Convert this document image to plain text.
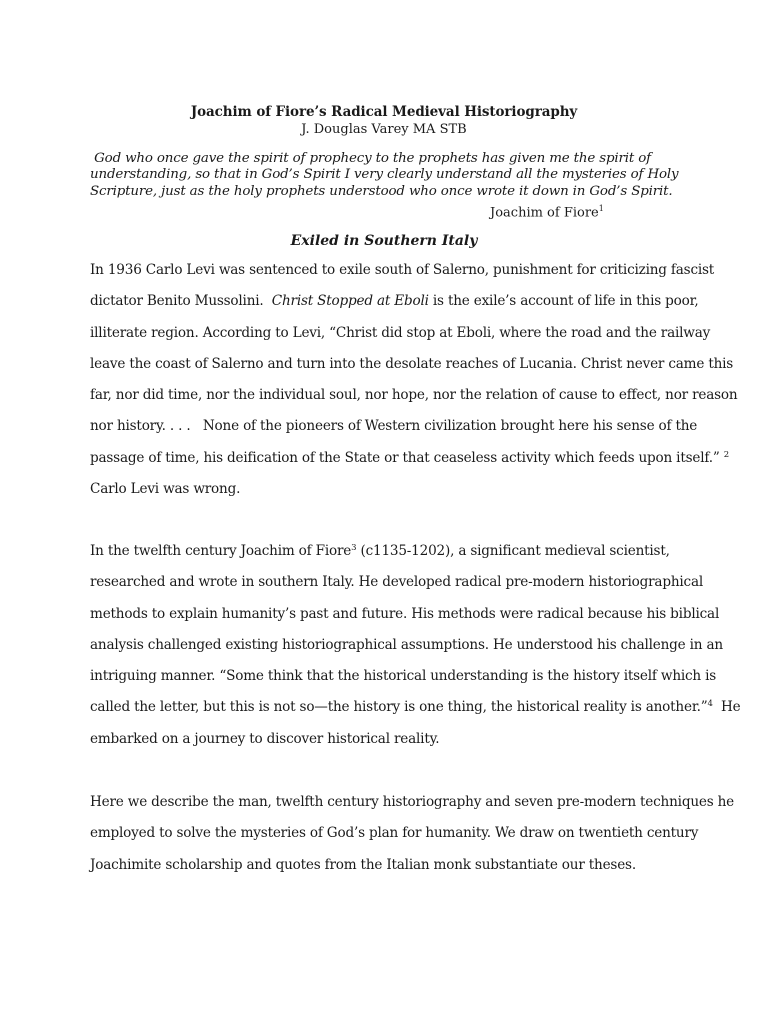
Joachim of Fiore’s Radical Medieval Historiography
J. Douglas Varey MA STB
God who once gave the spirit of prophecy to the prophets has given me the spirit of
understanding, so that in God’s Spirit I very clearly understand all the mysteries of Holy
Scripture, just as the holy prophets understood who once wrote it down in God’s Spirit.
Joachim of Fiore$^1$
Exiled in Southern Italy
In 1936 Carlo Levi was sentenced to exile south of Salerno, punishment for criticizing fascist
dictator Benito Mussolini.  Christ Stopped at Eboli is the exile’s account of life in this poor,
illiterate region. According to Levi, “Christ did stop at Eboli, where the road and the railway
leave the coast of Salerno and turn into the desolate reaches of Lucania. Christ never came this
far, nor did time, nor the individual soul, nor hope, nor the relation of cause to effect, nor reason
nor history. . . .   None of the pioneers of Western civilization brought here his sense of the
passage of time, his deification of the State or that ceaseless activity which feeds upon itself.” $^2$
Carlo Levi was wrong.
In the twelfth century Joachim of Fiore$^3$ (c1135-1202), a significant medieval scientist,
researched and wrote in southern Italy. He developed radical pre-modern historiographical
methods to explain humanity’s past and future. His methods were radical because his biblical
analysis challenged existing historiographical assumptions. He understood his challenge in an
intriguing manner. “Some think that the historical understanding is the history itself which is
called the letter, but this is not so—the history is one thing, the historical reality is another.”$^4$  He
embarked on a journey to discover historical reality.
Here we describe the man, twelfth century historiography and seven pre-modern techniques he
employed to solve the mysteries of God’s plan for humanity. We draw on twentieth century
Joachimite scholarship and quotes from the Italian monk substantiate our theses.
